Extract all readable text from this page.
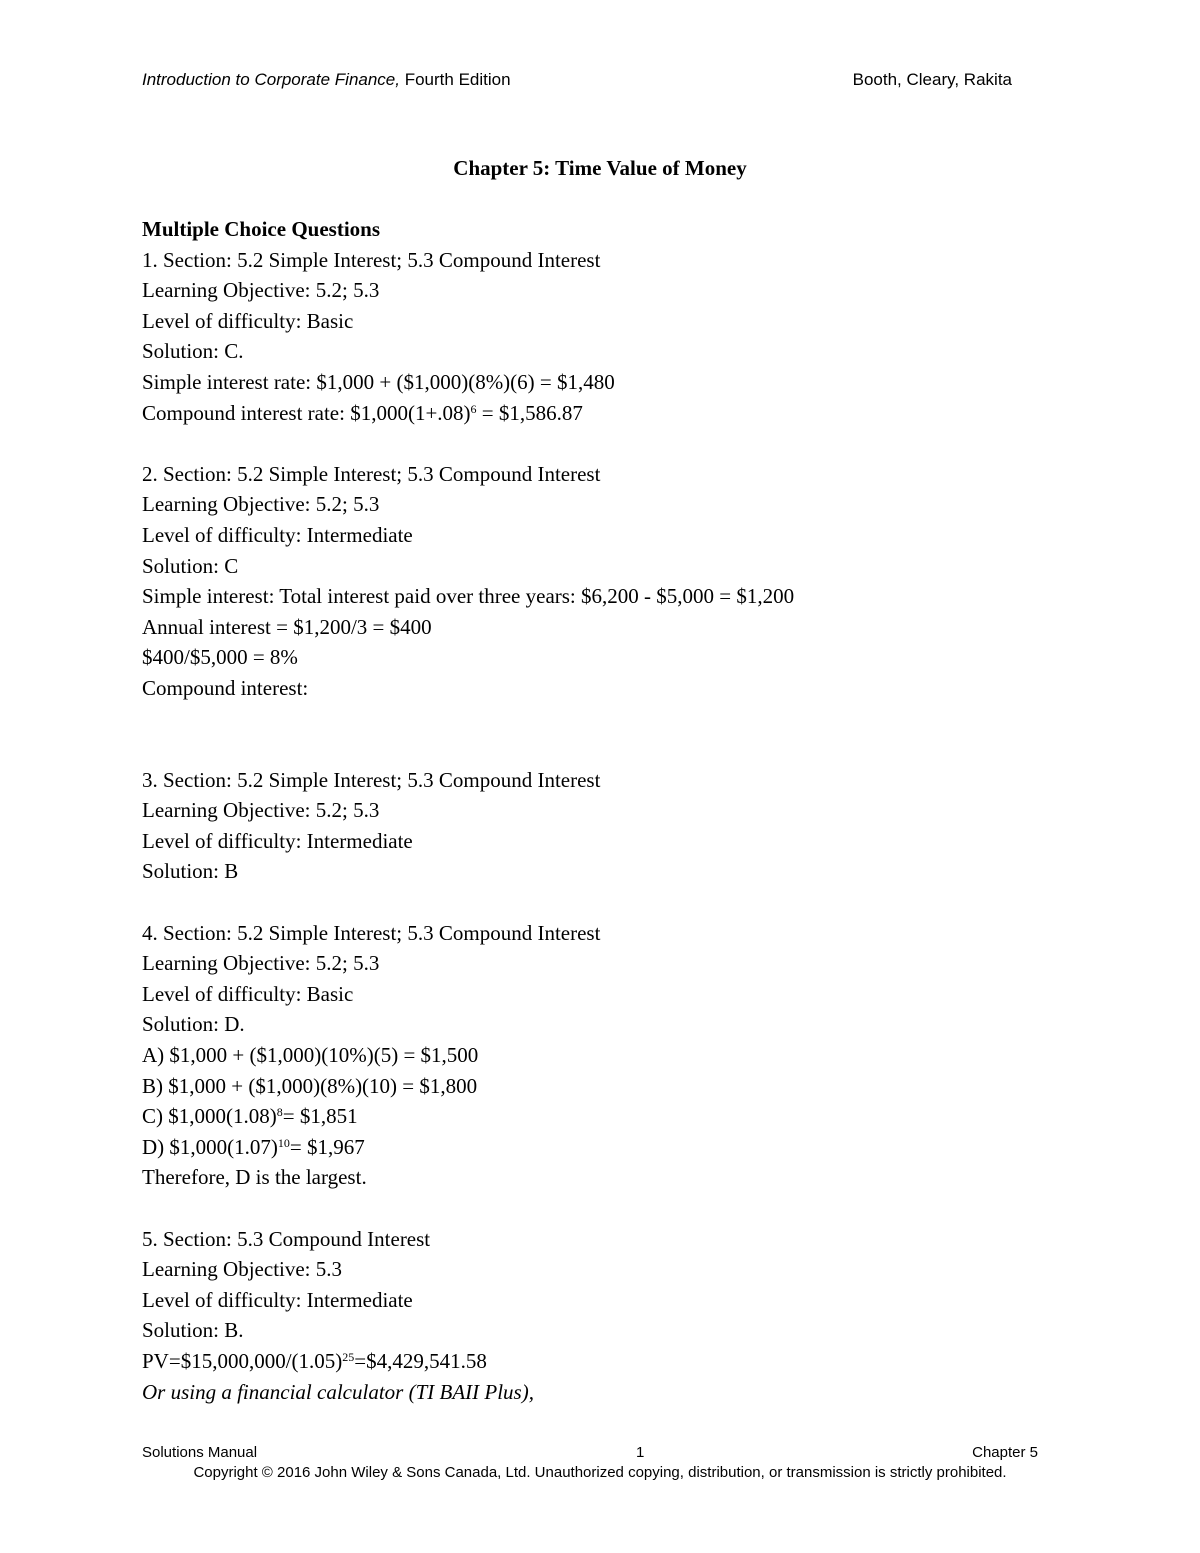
Introduction to Corporate Finance, Fourth Edition	Booth, Cleary, Rakita
Chapter 5: Time Value of Money
Multiple Choice Questions
1. Section: 5.2 Simple Interest; 5.3 Compound Interest
Learning Objective: 5.2; 5.3
Level of difficulty: Basic
Solution: C.
Simple interest rate: $1,000 + ($1,000)(8%)(6) = $1,480
Compound interest rate: $\$1,000(1+.08)^6$ = $1,586.87
2. Section: 5.2 Simple Interest; 5.3 Compound Interest
Learning Objective: 5.2; 5.3
Level of difficulty: Intermediate
Solution: C
Simple interest: Total interest paid over three years: $6,200 - $5,000 = $1,200
Annual interest = $1,200/3 = $400
$400/$5,000 = 8%
Compound interest:
3. Section: 5.2 Simple Interest; 5.3 Compound Interest
Learning Objective: 5.2; 5.3
Level of difficulty: Intermediate
Solution: B
4. Section: 5.2 Simple Interest; 5.3 Compound Interest
Learning Objective: 5.2; 5.3
Level of difficulty: Basic
Solution: D.
A) $1,000 + ($1,000)(10%)(5) = $1,500
B) $1,000 + ($1,000)(8%)(10) = $1,800
C) $\$1,000(1.08)^8=$ $1,851
D) $\$1,000(1.07)^{10}=$ $1,967
Therefore, D is the largest.
5. Section: 5.3 Compound Interest
Learning Objective: 5.3
Level of difficulty: Intermediate
Solution: B.
$PV=\$15,000,000/(1.05)^{25}=\$4,429,541.58$
Or using a financial calculator (TI BAII Plus),
Solutions Manual	1	Chapter 5
Copyright © 2016 John Wiley & Sons Canada, Ltd. Unauthorized copying, distribution, or transmission is strictly prohibited.
